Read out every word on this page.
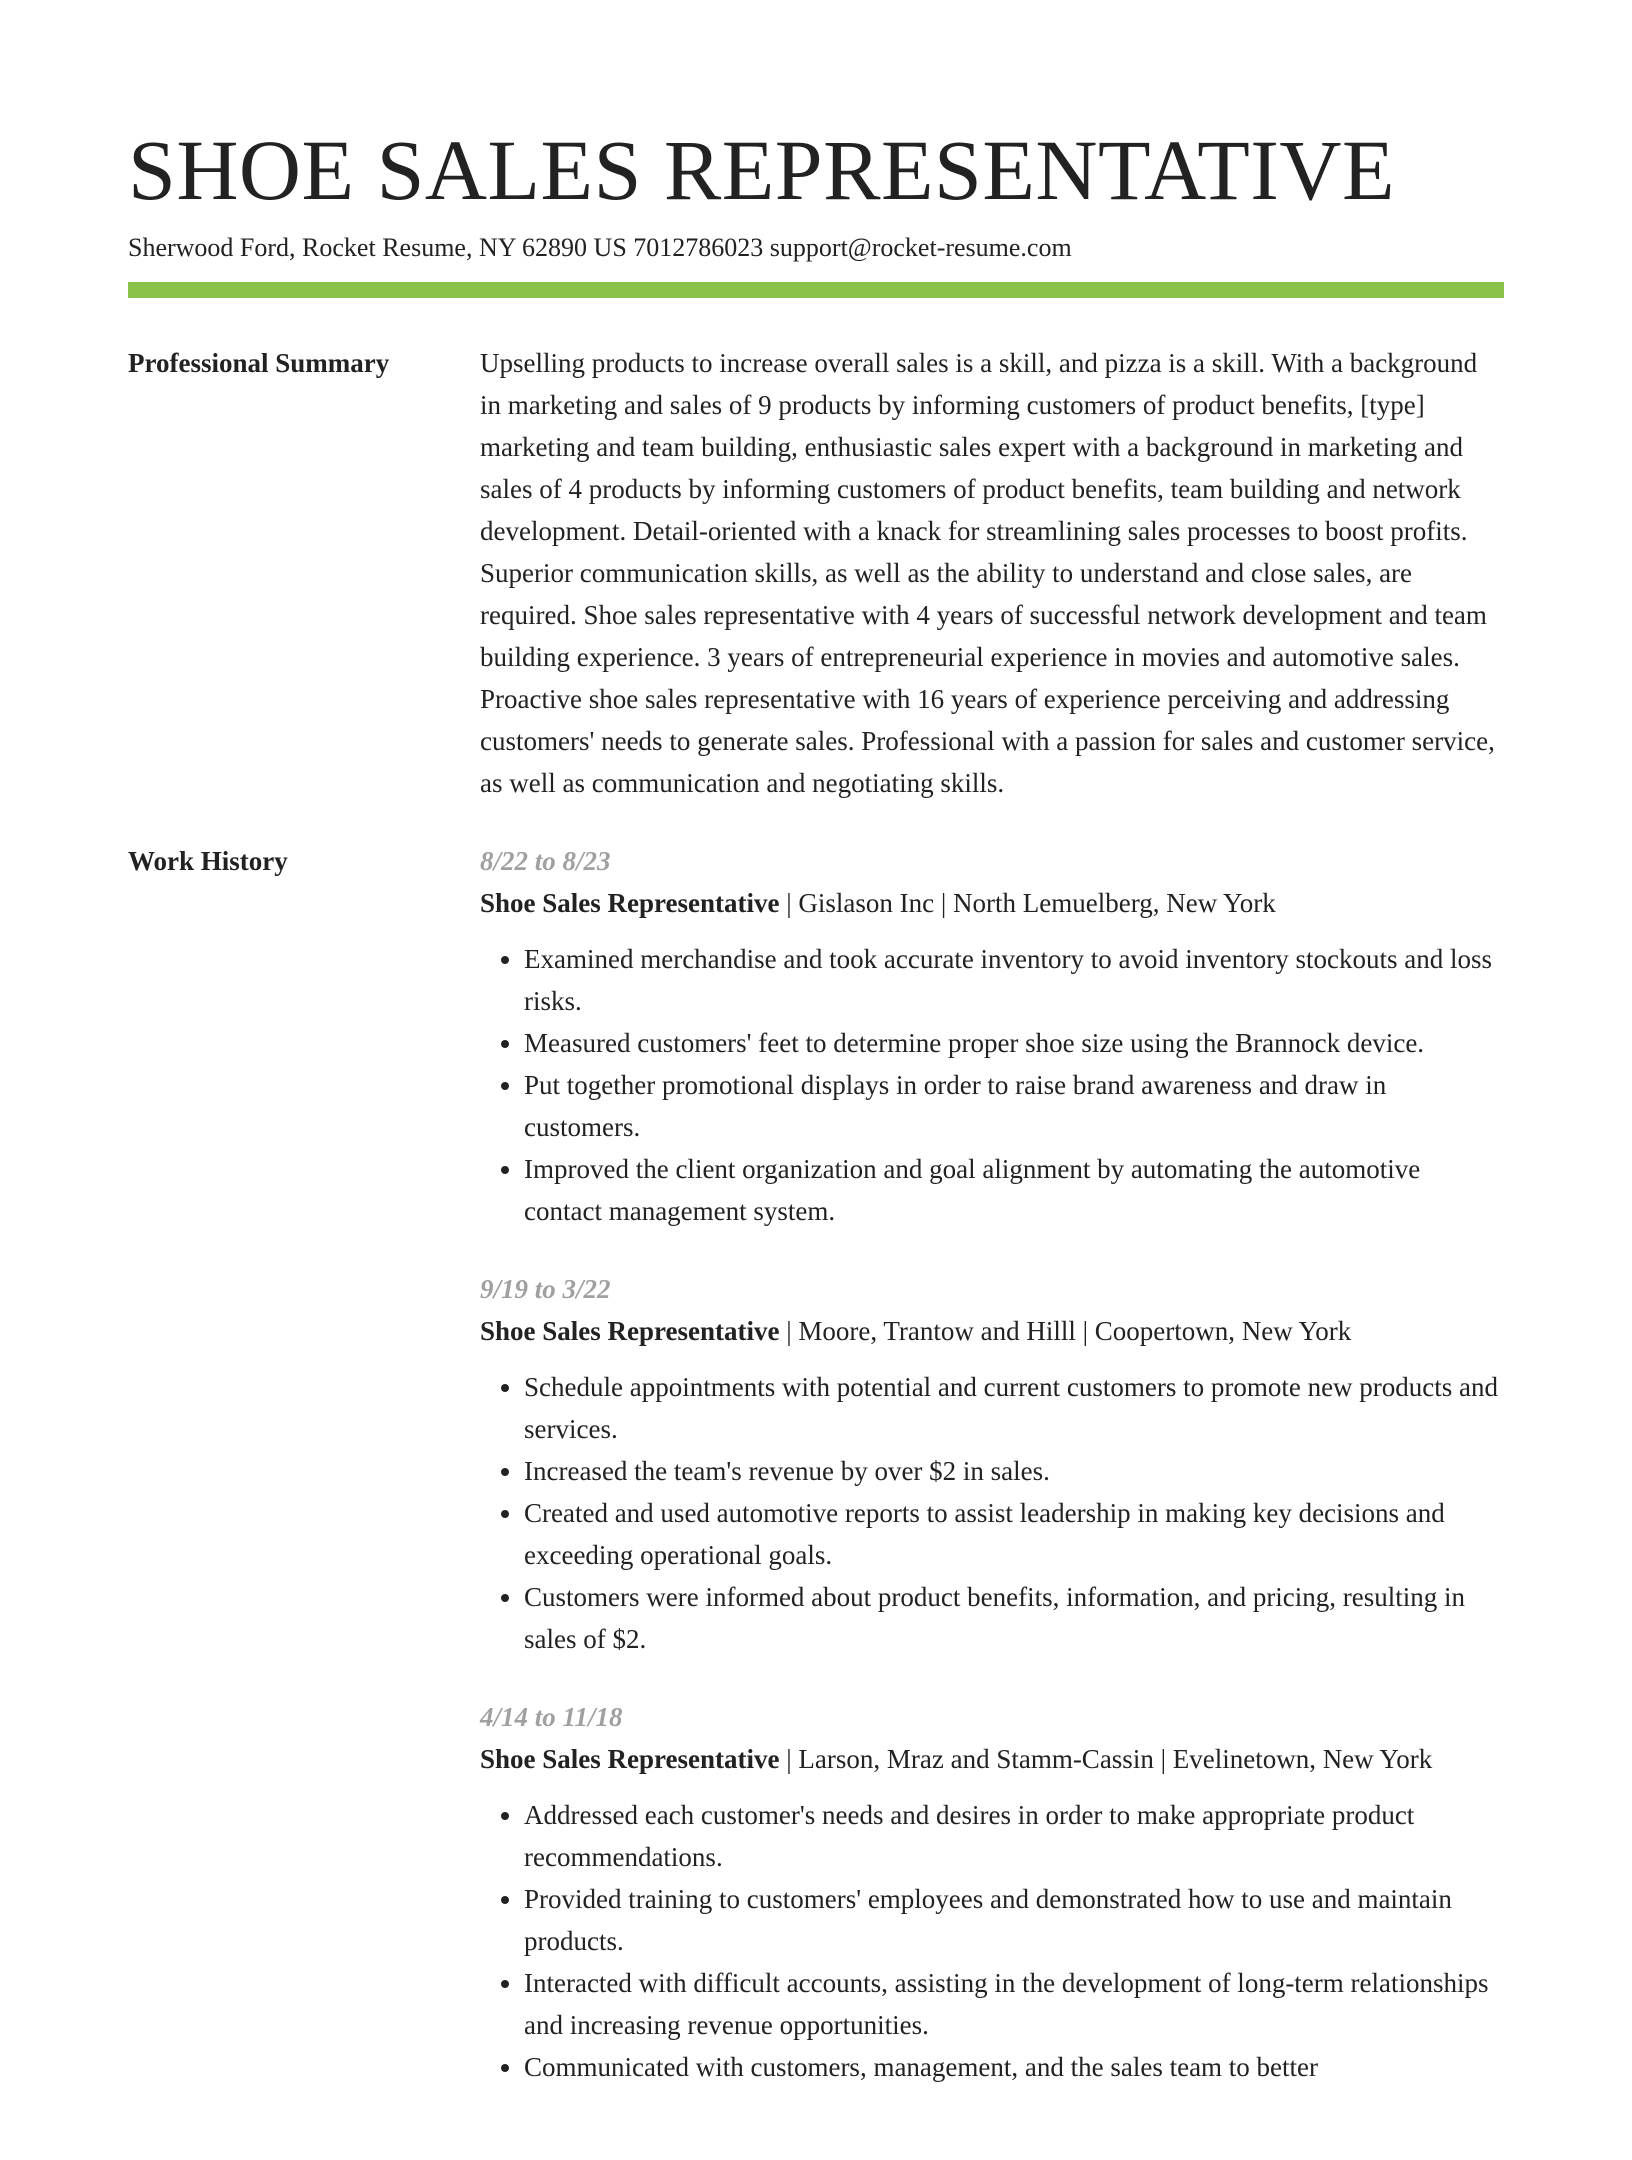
SHOE SALES REPRESENTATIVE
Sherwood Ford, Rocket Resume, NY 62890 US 7012786023 support@rocket-resume.com
Professional Summary	Upselling products to increase overall sales is a skill, and pizza is a skill. With a background in marketing and sales of 9 products by informing customers of product benefits, [type] marketing and team building, enthusiastic sales expert with a background in marketing and sales of 4 products by informing customers of product benefits, team building and network development. Detail-oriented with a knack for streamlining sales processes to boost profits. Superior communication skills, as well as the ability to understand and close sales, are required. Shoe sales representative with 4 years of successful network development and team building experience. 3 years of entrepreneurial experience in movies and automotive sales. Proactive shoe sales representative with 16 years of experience perceiving and addressing customers' needs to generate sales. Professional with a passion for sales and customer service, as well as communication and negotiating skills.

Work History	8/22 to 8/23
Shoe Sales Representative | Gislason Inc | North Lemuelberg, New York
• Examined merchandise and took accurate inventory to avoid inventory stockouts and loss risks.
• Measured customers' feet to determine proper shoe size using the Brannock device.
• Put together promotional displays in order to raise brand awareness and draw in customers.
• Improved the client organization and goal alignment by automating the automotive contact management system.
9/19 to 3/22
Shoe Sales Representative | Moore, Trantow and Hilll | Coopertown, New York
• Schedule appointments with potential and current customers to promote new products and services.
• Increased the team's revenue by over $2 in sales.
• Created and used automotive reports to assist leadership in making key decisions and exceeding operational goals.
• Customers were informed about product benefits, information, and pricing, resulting in sales of $2.
4/14 to 11/18
Shoe Sales Representative | Larson, Mraz and Stamm-Cassin | Evelinetown, New York
• Addressed each customer's needs and desires in order to make appropriate product recommendations.
• Provided training to customers' employees and demonstrated how to use and maintain products.
• Interacted with difficult accounts, assisting in the development of long-term relationships and increasing revenue opportunities.
• Communicated with customers, management, and the sales team to better
